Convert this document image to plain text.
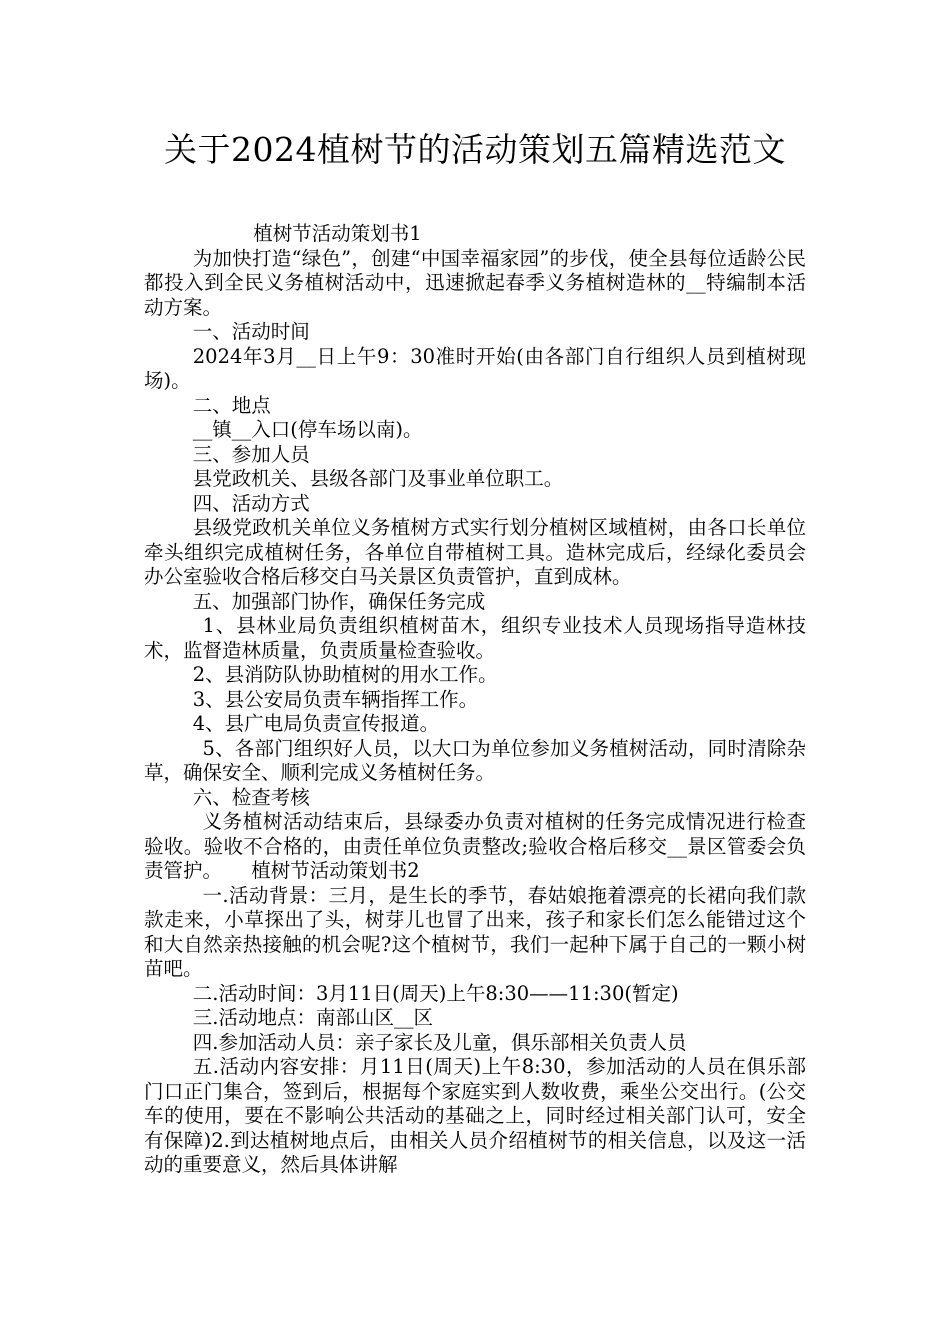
关于2024植树节的活动策划五篇精选范文

植树节活动策划书1

为加快打造“绿色”，创建“中国幸福家园”的步伐，使全县每位适龄公民都投入到全民义务植树活动中，迅速掀起春季义务植树造林的__特编制本活动方案。

一、活动时间

2024年3月__日上午9：30准时开始(由各部门自行组织人员到植树现场)。

二、地点

__镇__入口(停车场以南)。

三、参加人员

县党政机关、县级各部门及事业单位职工。

四、活动方式

县级党政机关单位义务植树方式实行划分植树区域植树，由各口长单位牵头组织完成植树任务，各单位自带植树工具。造林完成后，经绿化委员会办公室验收合格后移交白马关景区负责管护，直到成林。

五、加强部门协作，确保任务完成

1、县林业局负责组织植树苗木，组织专业技术人员现场指导造林技术，监督造林质量，负责质量检查验收。

2、县消防队协助植树的用水工作。

3、县公安局负责车辆指挥工作。

4、县广电局负责宣传报道。

5、各部门组织好人员，以大口为单位参加义务植树活动，同时清除杂草，确保安全、顺利完成义务植树任务。

六、检查考核

义务植树活动结束后，县绿委办负责对植树的任务完成情况进行检查验收。验收不合格的，由责任单位负责整改;验收合格后移交__景区管委会负责管护。　　植树节活动策划书2

一.活动背景：三月，是生长的季节，春姑娘拖着漂亮的长裙向我们款款走来，小草探出了头，树芽儿也冒了出来，孩子和家长们怎么能错过这个和大自然亲热接触的机会呢?这个植树节，我们一起种下属于自己的一颗小树苗吧。

二.活动时间：3月11日(周天)上午8:30——11:30(暂定)

三.活动地点：南部山区__区

四.参加活动人员：亲子家长及儿童，俱乐部相关负责人员

五.活动内容安排：月11日(周天)上午8:30，参加活动的人员在俱乐部门口正门集合，签到后，根据每个家庭实到人数收费，乘坐公交出行。(公交车的使用，要在不影响公共活动的基础之上，同时经过相关部门认可，安全有保障)2.到达植树地点后，由相关人员介绍植树节的相关信息，以及这一活动的重要意义，然后具体讲解
